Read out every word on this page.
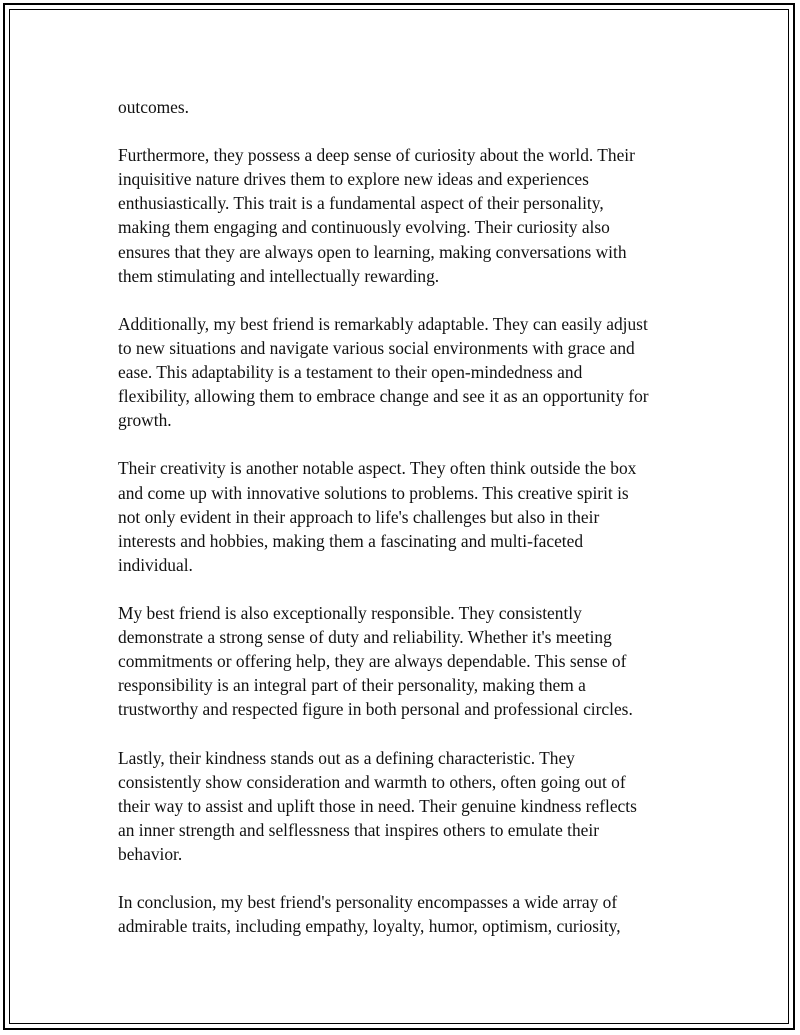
outcomes.

Furthermore, they possess a deep sense of curiosity about the world. Their
inquisitive nature drives them to explore new ideas and experiences
enthusiastically. This trait is a fundamental aspect of their personality,
making them engaging and continuously evolving. Their curiosity also
ensures that they are always open to learning, making conversations with
them stimulating and intellectually rewarding.

Additionally, my best friend is remarkably adaptable. They can easily adjust
to new situations and navigate various social environments with grace and
ease. This adaptability is a testament to their open-mindedness and
flexibility, allowing them to embrace change and see it as an opportunity for
growth.

Their creativity is another notable aspect. They often think outside the box
and come up with innovative solutions to problems. This creative spirit is
not only evident in their approach to life's challenges but also in their
interests and hobbies, making them a fascinating and multi-faceted
individual.

My best friend is also exceptionally responsible. They consistently
demonstrate a strong sense of duty and reliability. Whether it's meeting
commitments or offering help, they are always dependable. This sense of
responsibility is an integral part of their personality, making them a
trustworthy and respected figure in both personal and professional circles.

Lastly, their kindness stands out as a defining characteristic. They
consistently show consideration and warmth to others, often going out of
their way to assist and uplift those in need. Their genuine kindness reflects
an inner strength and selflessness that inspires others to emulate their
behavior.

In conclusion, my best friend's personality encompasses a wide array of
admirable traits, including empathy, loyalty, humor, optimism, curiosity,
